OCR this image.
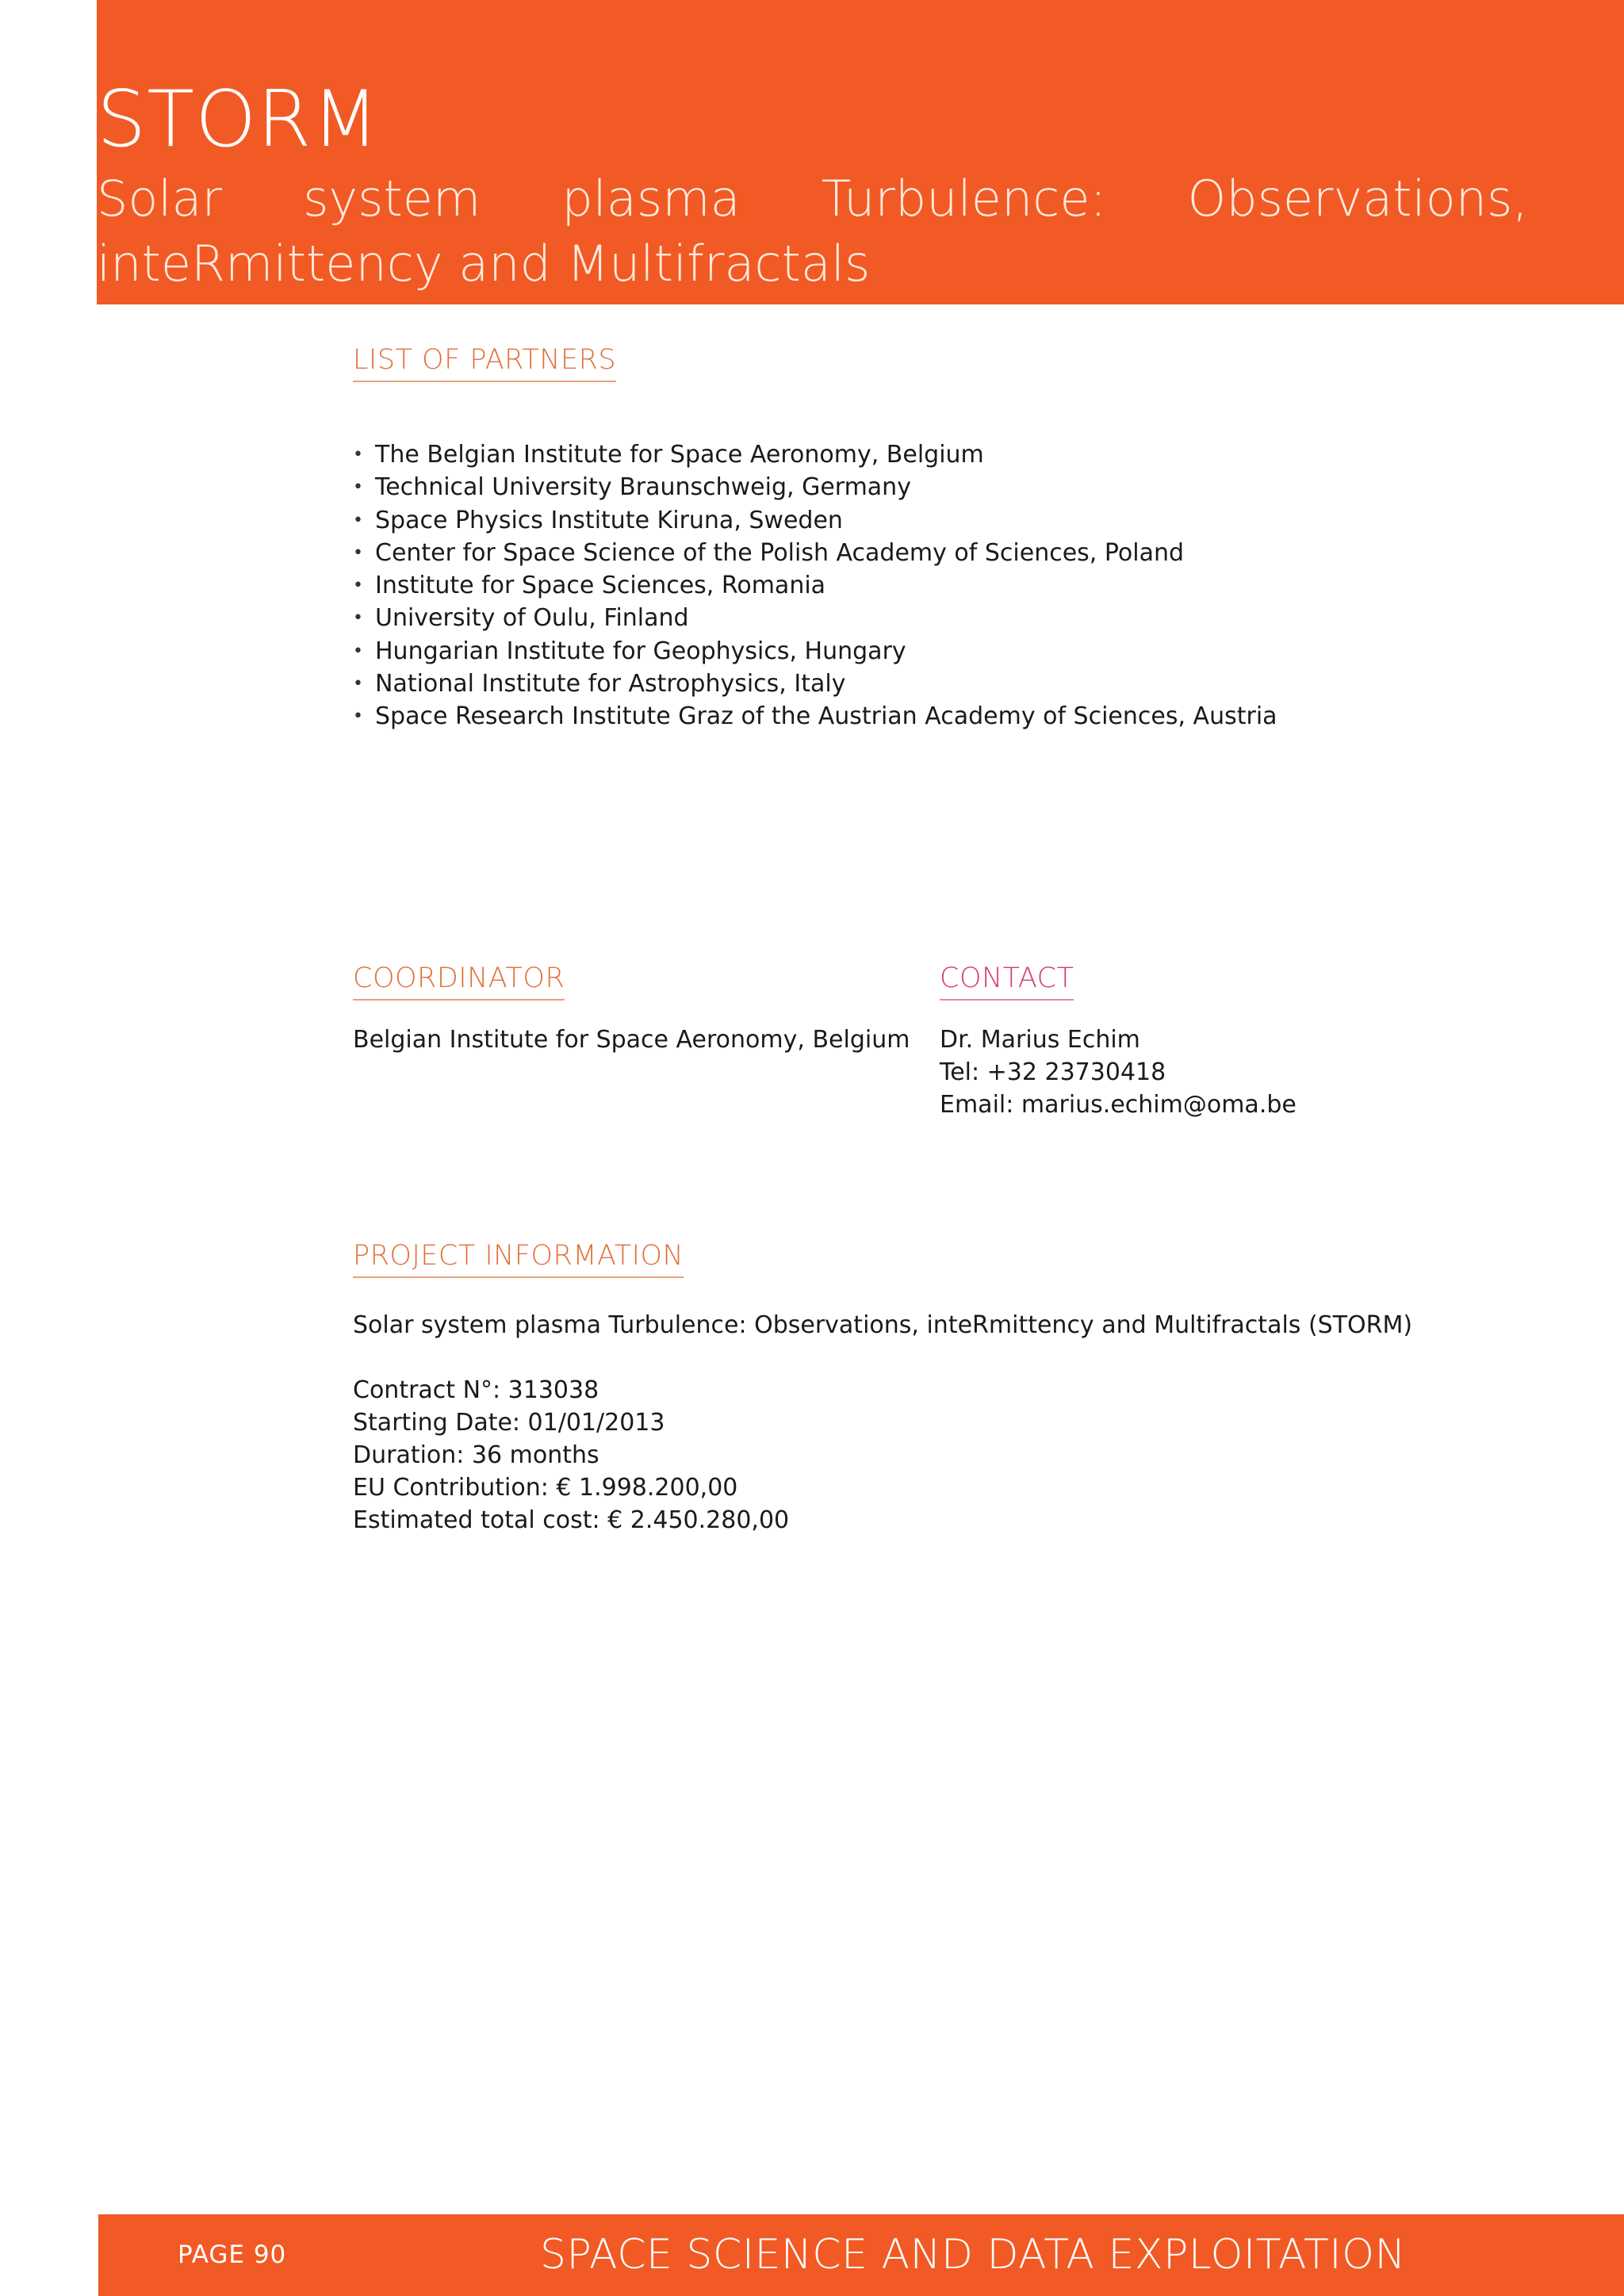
STORM

Solar system plasma Turbulence: Observations, inteRmittency and Multifractals

LIST OF PARTNERS
• The Belgian Institute for Space Aeronomy, Belgium
• Technical University Braunschweig, Germany
• Space Physics Institute Kiruna, Sweden
• Center for Space Science of the Polish Academy of Sciences, Poland
• Institute for Space Sciences, Romania
• University of Oulu, Finland
• Hungarian Institute for Geophysics, Hungary
• National Institute for Astrophysics, Italy
• Space Research Institute Graz of the Austrian Academy of Sciences, Austria
COORDINATOR

Belgian Institute for Space Aeronomy, Belgium

CONTACT

Dr. Marius Echim

Tel: +32 23730418

Email: marius.echim@oma.be

PROJECT INFORMATION

Solar system plasma Turbulence: Observations, inteRmittency and Multifractals (STORM)

Contract N°: 313038

Starting Date: 01/01/2013

Duration: 36 months

EU Contribution: € 1.998.200,00

Estimated total cost: € 2.450.280,00

PAGE 90	SPACE SCIENCE AND DATA EXPLOITATION
